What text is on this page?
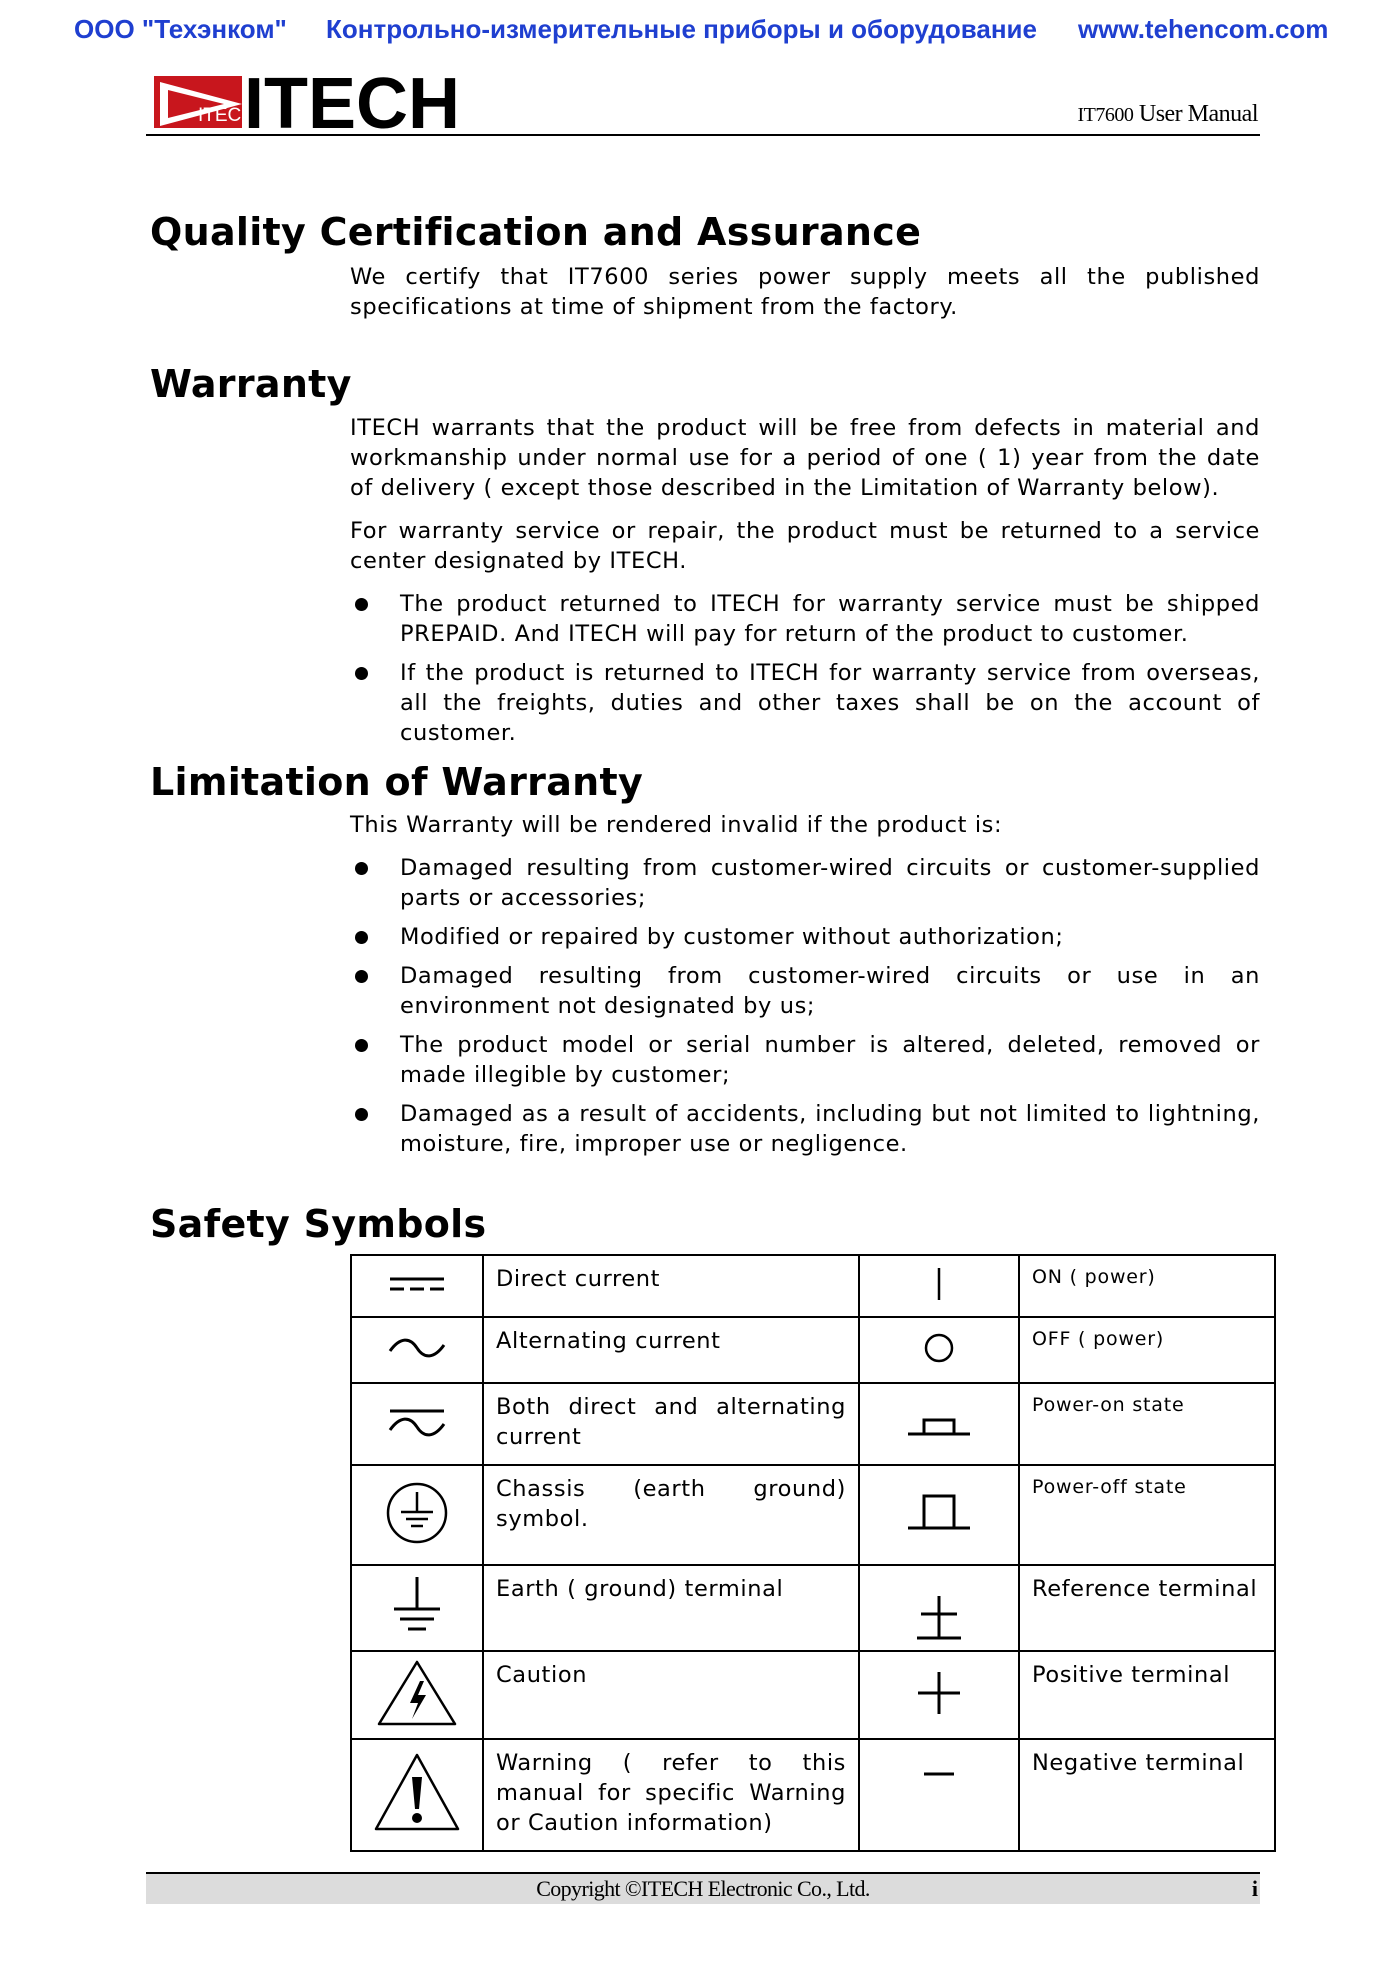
ООО "Техэнком" Контрольно-измерительные приборы и оборудование www.tehencom.com
ITECH
ITECH	IT7600 User Manual
Quality Certification and Assurance

We certify that IT7600 series power supply meets all the published specifications at time of shipment from the factory.

Warranty

ITECH warrants that the product will be free from defects in material and workmanship under normal use for a period of one ( 1) year from the date of delivery ( except those described in the Limitation of Warranty below).

For warranty service or repair, the product must be returned to a service center designated by ITECH.

The product returned to ITECH for warranty service must be shipped PREPAID. And ITECH will pay for return of the product to customer.
If the product is returned to ITECH for warranty service from overseas, all the freights, duties and other taxes shall be on the account of customer.
Limitation of Warranty

This Warranty will be rendered invalid if the product is:

Damaged resulting from customer-wired circuits or customer-supplied parts or accessories;
Modified or repaired by customer without authorization;
Damaged resulting from customer-wired circuits or use in an environment not designated by us;
The product model or serial number is altered, deleted, removed or made illegible by customer;
Damaged as a result of accidents, including but not limited to lightning, moisture, fire, improper use or negligence.
Safety Symbols
	Direct current		ON ( power)
	Alternating current		OFF ( power)
	Both direct and alternating current		Power-on state
	Chassis (earth ground) symbol.		Power-off state
	Earth ( ground) terminal		Reference terminal
	Caution		Positive terminal
	Warning ( refer to this manual for specific Warning or Caution information)		Negative terminal
Copyright ©ITECH Electronic Co., Ltd.	i
